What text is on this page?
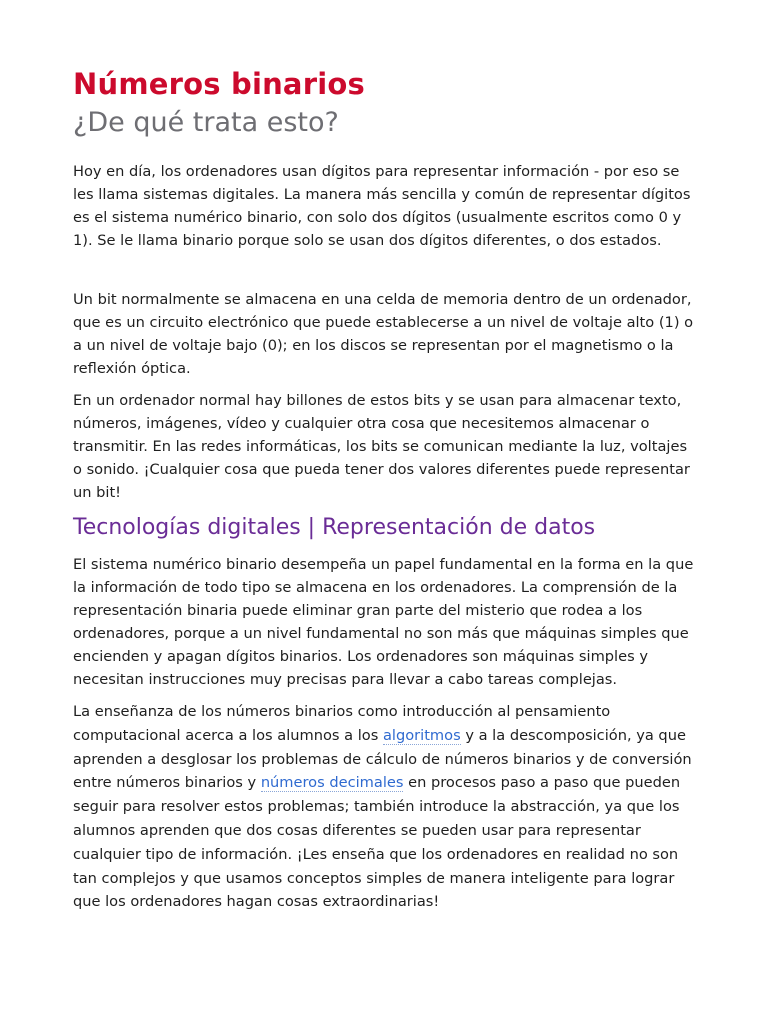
Números binarios
¿De qué trata esto?

Hoy en día, los ordenadores usan dígitos para representar información - por eso se les llama sistemas digitales. La manera más sencilla y común de representar dígitos es el sistema numérico binario, con solo dos dígitos (usualmente escritos como 0 y 1). Se le llama binario porque solo se usan dos dígitos diferentes, o dos estados.

Un bit normalmente se almacena en una celda de memoria dentro de un ordenador, que es un circuito electrónico que puede establecerse a un nivel de voltaje alto (1) o a un nivel de voltaje bajo (0); en los discos se representan por el magnetismo o la reflexión óptica.

En un ordenador normal hay billones de estos bits y se usan para almacenar texto, números, imágenes, vídeo y cualquier otra cosa que necesitemos almacenar o transmitir. En las redes informáticas, los bits se comunican mediante la luz, voltajes o sonido. ¡Cualquier cosa que pueda tener dos valores diferentes puede representar un bit!

Tecnologías digitales | Representación de datos

El sistema numérico binario desempeña un papel fundamental en la forma en la que la información de todo tipo se almacena en los ordenadores. La comprensión de la representación binaria puede eliminar gran parte del misterio que rodea a los ordenadores, porque a un nivel fundamental no son más que máquinas simples que encienden y apagan dígitos binarios. Los ordenadores son máquinas simples y necesitan instrucciones muy precisas para llevar a cabo tareas complejas.

La enseñanza de los números binarios como introducción al pensamiento computacional acerca a los alumnos a los algoritmos y a la descomposición, ya que aprenden a desglosar los problemas de cálculo de números binarios y de conversión entre números binarios y números decimales en procesos paso a paso que pueden seguir para resolver estos problemas; también introduce la abstracción, ya que los alumnos aprenden que dos cosas diferentes se pueden usar para representar cualquier tipo de información. ¡Les enseña que los ordenadores en realidad no son tan complejos y que usamos conceptos simples de manera inteligente para lograr que los ordenadores hagan cosas extraordinarias!
